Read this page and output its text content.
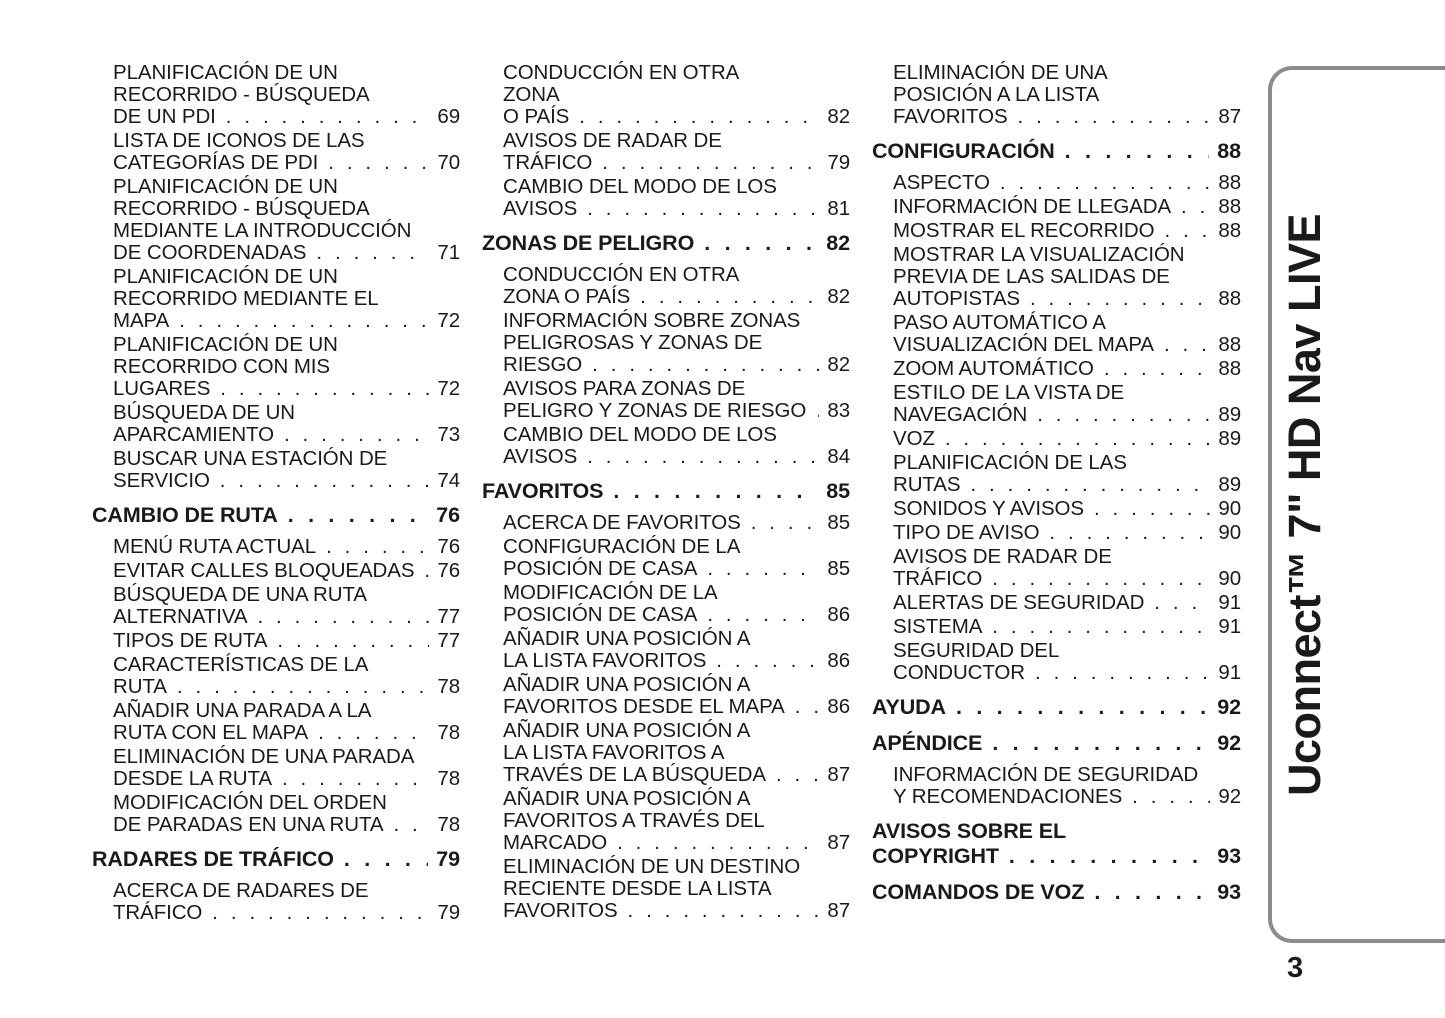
PLANIFICACIÓN DE UN
RECORRIDO - BÚSQUEDA
DE UN PDI . . .	69
LISTA DE ICONOS DE LAS
CATEGORÍAS DE PDI . . .	70
PLANIFICACIÓN DE UN
RECORRIDO - BÚSQUEDA
MEDIANTE LA INTRODUCCIÓN
DE COORDENADAS . . .	71
PLANIFICACIÓN DE UN
RECORRIDO MEDIANTE EL
MAPA . . .	72
PLANIFICACIÓN DE UN
RECORRIDO CON MIS
LUGARES . . .	72
BÚSQUEDA DE UN
APARCAMIENTO . . .	73
BUSCAR UNA ESTACIÓN DE
SERVICIO . . .	74
CAMBIO DE RUTA . . .	76
MENÚ RUTA ACTUAL . . .	76
EVITAR CALLES BLOQUEADAS . . . 76
BÚSQUEDA DE UNA RUTA
ALTERNATIVA . . .	77
TIPOS DE RUTA . . .	77
CARACTERÍSTICAS DE LA
RUTA . . .	78
AÑADIR UNA PARADA A LA
RUTA CON EL MAPA . . .	78
ELIMINACIÓN DE UNA PARADA
DESDE LA RUTA . . .	78
MODIFICACIÓN DEL ORDEN
DE PARADAS EN UNA RUTA . . .	78
RADARES DE TRÁFICO . . .	79
ACERCA DE RADARES DE
TRÁFICO . . .	79
CONDUCCIÓN EN OTRA
ZONA
O PAÍS . . .	82
AVISOS DE RADAR DE
TRÁFICO . . .	79
CAMBIO DEL MODO DE LOS
AVISOS . . .	81
ZONAS DE PELIGRO . . .	82
CONDUCCIÓN EN OTRA
ZONA O PAÍS . . .	82
INFORMACIÓN SOBRE ZONAS
PELIGROSAS Y ZONAS DE
RIESGO . . .	82
AVISOS PARA ZONAS DE
PELIGRO Y ZONAS DE RIESGO . . . 83
CAMBIO DEL MODO DE LOS
AVISOS . . .	84
FAVORITOS . . .	85
ACERCA DE FAVORITOS . . .	85
CONFIGURACIÓN DE LA
POSICIÓN DE CASA . . .	85
MODIFICACIÓN DE LA
POSICIÓN DE CASA . . .	86
AÑADIR UNA POSICIÓN A
LA LISTA FAVORITOS . . .	86
AÑADIR UNA POSICIÓN A
FAVORITOS DESDE EL MAPA . . . 86
AÑADIR UNA POSICIÓN A
LA LISTA FAVORITOS A
TRAVÉS DE LA BÚSQUEDA . . .	87
AÑADIR UNA POSICIÓN A
FAVORITOS A TRAVÉS DEL
MARCADO . . .	87
ELIMINACIÓN DE UN DESTINO
RECIENTE DESDE LA LISTA
FAVORITOS . . .	87
ELIMINACIÓN DE UNA
POSICIÓN A LA LISTA
FAVORITOS . . .	87
CONFIGURACIÓN . . .	88
ASPECTO . . .	88
INFORMACIÓN DE LLEGADA . . . 88
MOSTRAR EL RECORRIDO . . .	88
MOSTRAR LA VISUALIZACIÓN
PREVIA DE LAS SALIDAS DE
AUTOPISTAS . . .	88
PASO AUTOMÁTICO A
VISUALIZACIÓN DEL MAPA . . .	88
ZOOM AUTOMÁTICO . . .	88
ESTILO DE LA VISTA DE
NAVEGACIÓN . . .	89
VOZ . . .	89
PLANIFICACIÓN DE LAS
RUTAS . . .	89
SONIDOS Y AVISOS . . .	90
TIPO DE AVISO . . .	90
AVISOS DE RADAR DE
TRÁFICO . . .	90
ALERTAS DE SEGURIDAD . . .	91
SISTEMA . . .	91
SEGURIDAD DEL
CONDUCTOR . . .	91
AYUDA . . .	92
APÉNDICE . . .	92
INFORMACIÓN DE SEGURIDAD
Y RECOMENDACIONES . . .	92
AVISOS SOBRE EL
COPYRIGHT . . .	93
COMANDOS DE VOZ . . .	93
Uconnect™ 7" HD Nav LIVE
3
